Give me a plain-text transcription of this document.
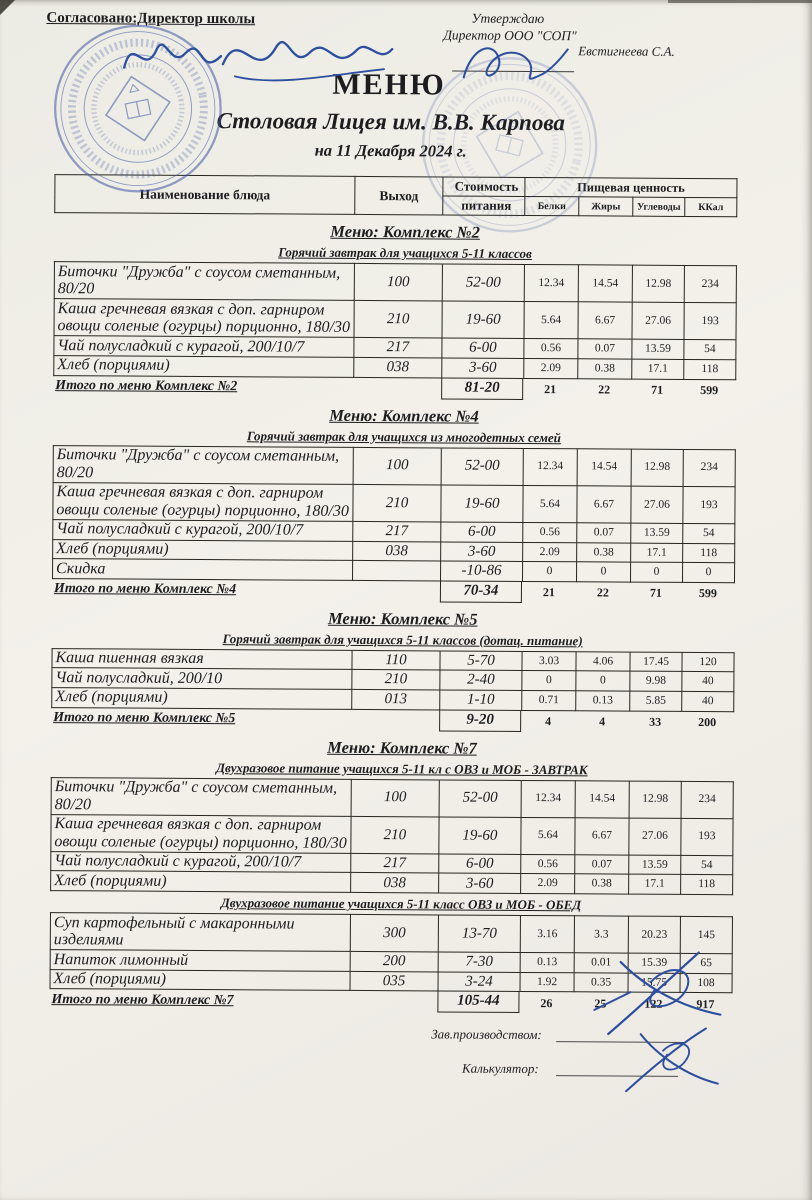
Согласовано:Директор школы	Утверждаю
Директор ООО "СОП"
Евстигнеева С.А.
МЕНЮ
Столовая Лицея им. В.В. Карпова
на 11 Декабря 2024 г.
Наименование блюда	Выход	Стоимость	Пищевая ценность			
		питания	Белки	Жиры	Углеводы	ККал
Меню: Комплекс №2
Горячий завтрак для учащихся 5-11 классов
Биточки "Дружба" с соусом сметанным, 80/20	100	52-00	12.34	14.54	12.98	234
Каша гречневая вязкая с доп. гарниром овощи соленые (огурцы) порционно, 180/30	210	19-60	5.64	6.67	27.06	193
Чай полусладкий с курагой, 200/10/7	217	6-00	0.56	0.07	13.59	54
Хлеб (порциями)	038	3-60	2.09	0.38	17.1	118
Итого по меню Комплекс №2	81-20	21	22	71	599
Меню: Комплекс №4
Горячий завтрак для учащихся из многодетных семей
Биточки "Дружба" с соусом сметанным, 80/20	100	52-00	12.34	14.54	12.98	234
Каша гречневая вязкая с доп. гарниром овощи соленые (огурцы) порционно, 180/30	210	19-60	5.64	6.67	27.06	193
Чай полусладкий с курагой, 200/10/7	217	6-00	0.56	0.07	13.59	54
Хлеб (порциями)	038	3-60	2.09	0.38	17.1	118
Скидка		-10-86	0	0	0	0
Итого по меню Комплекс №4	70-34	21	22	71	599
Меню: Комплекс №5
Горячий завтрак для учащихся 5-11 классов (дотац. питание)
Каша пшенная вязкая	110	5-70	3.03	4.06	17.45	120
Чай полусладкий, 200/10	210	2-40	0	0	9.98	40
Хлеб (порциями)	013	1-10	0.71	0.13	5.85	40
Итого по меню Комплекс №5	9-20	4	4	33	200
Меню: Комплекс №7
Двухразовое питание учащихся 5-11 кл с ОВЗ и МОБ - ЗАВТРАК
Биточки "Дружба" с соусом сметанным, 80/20	100	52-00	12.34	14.54	12.98	234
Каша гречневая вязкая с доп. гарниром овощи соленые (огурцы) порционно, 180/30	210	19-60	5.64	6.67	27.06	193
Чай полусладкий с курагой, 200/10/7	217	6-00	0.56	0.07	13.59	54
Хлеб (порциями)	038	3-60	2.09	0.38	17.1	118
Двухразовое питание учащихся 5-11 класс ОВЗ и МОБ - ОБЕД
Суп картофельный с макаронными изделиями	300	13-70	3.16	3.3	20.23	145
Напиток лимонный	200	7-30	0.13	0.01	15.39	65
Хлеб (порциями)	035	3-24	1.92	0.35	15.75	108
Итого по меню Комплекс №7	105-44	26	25	122	917
Зав.производством:
Калькулятор:
